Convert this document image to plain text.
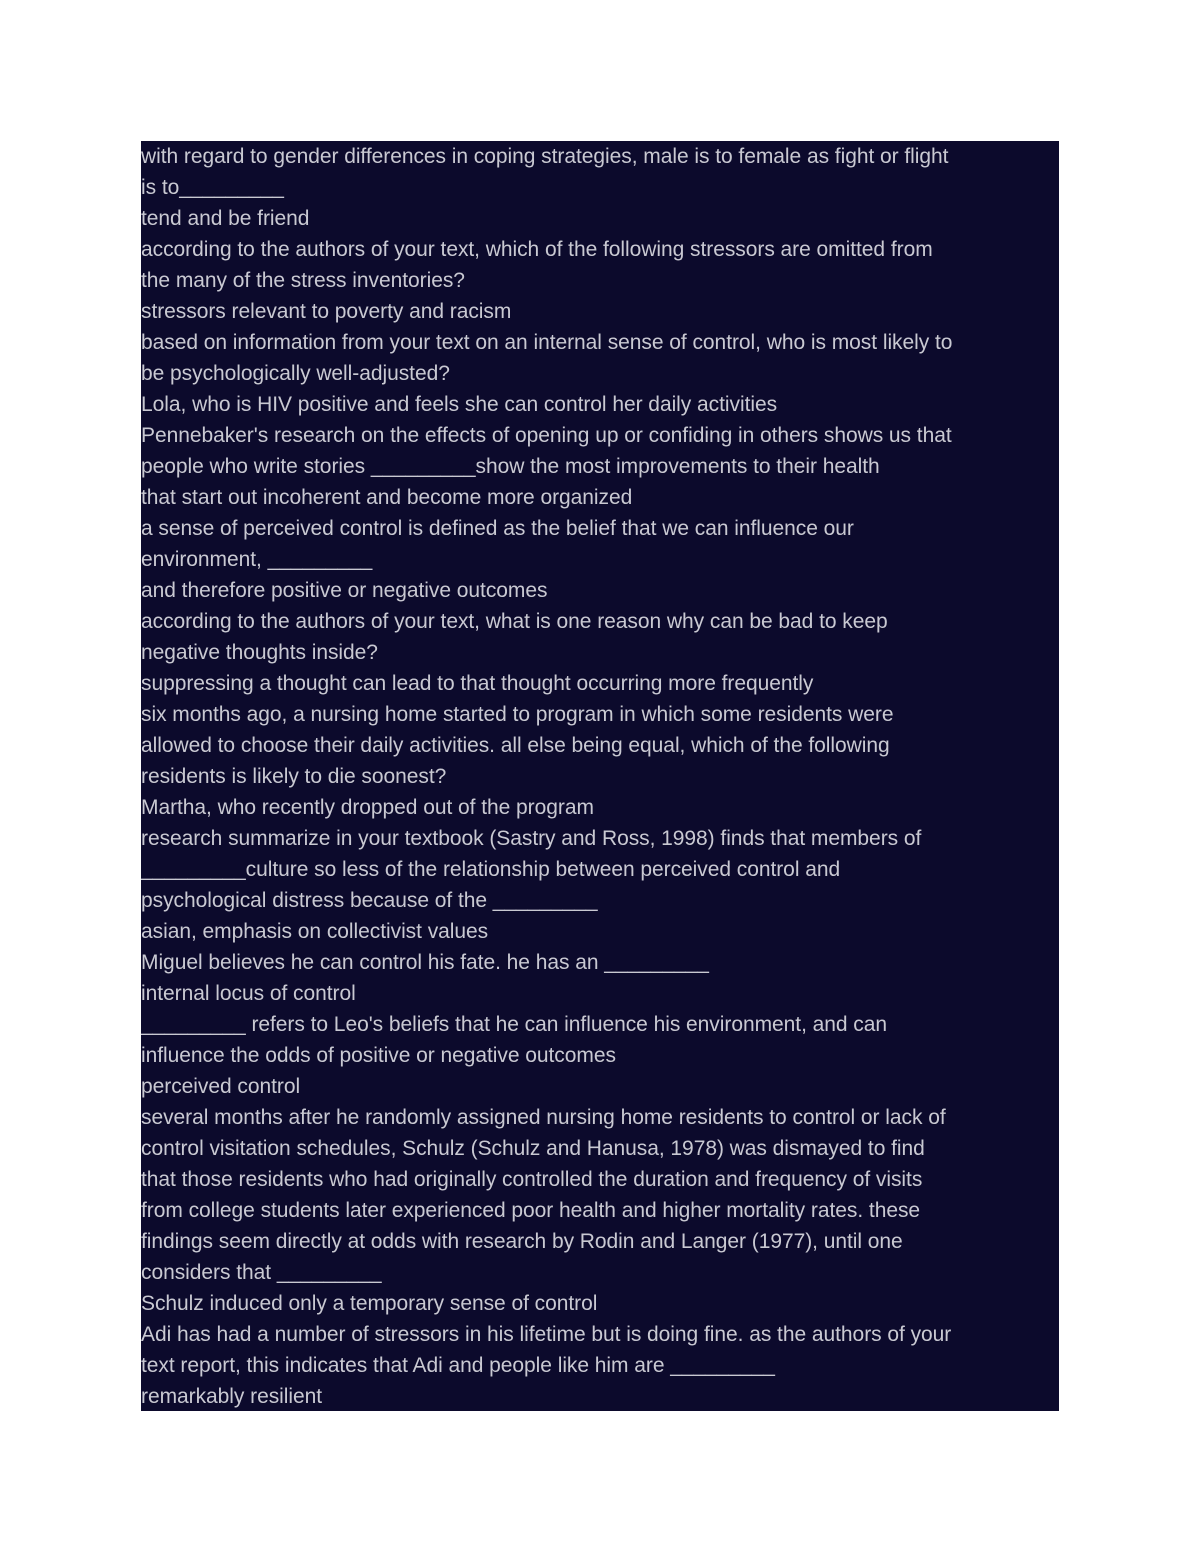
with regard to gender differences in coping strategies, male is to female as fight or flight

is to_________

tend and be friend

according to the authors of your text, which of the following stressors are omitted from

the many of the stress inventories?

stressors relevant to poverty and racism

based on information from your text on an internal sense of control, who is most likely to

be psychologically well-adjusted?

Lola, who is HIV positive and feels she can control her daily activities

Pennebaker's research on the effects of opening up or confiding in others shows us that

people who write stories _________show the most improvements to their health

that start out incoherent and become more organized

a sense of perceived control is defined as the belief that we can influence our

environment, _________

and therefore positive or negative outcomes

according to the authors of your text, what is one reason why can be bad to keep

negative thoughts inside?

suppressing a thought can lead to that thought occurring more frequently

six months ago, a nursing home started to program in which some residents were

allowed to choose their daily activities. all else being equal, which of the following

residents is likely to die soonest?

Martha, who recently dropped out of the program

research summarize in your textbook (Sastry and Ross, 1998) finds that members of

_________culture so less of the relationship between perceived control and

psychological distress because of the _________

asian, emphasis on collectivist values

Miguel believes he can control his fate. he has an _________

internal locus of control

_________ refers to Leo's beliefs that he can influence his environment, and can

influence the odds of positive or negative outcomes

perceived control

several months after he randomly assigned nursing home residents to control or lack of

control visitation schedules, Schulz (Schulz and Hanusa, 1978) was dismayed to find

that those residents who had originally controlled the duration and frequency of visits

from college students later experienced poor health and higher mortality rates. these

findings seem directly at odds with research by Rodin and Langer (1977), until one

considers that _________

Schulz induced only a temporary sense of control

Adi has had a number of stressors in his lifetime but is doing fine. as the authors of your

text report, this indicates that Adi and people like him are _________

remarkably resilient
